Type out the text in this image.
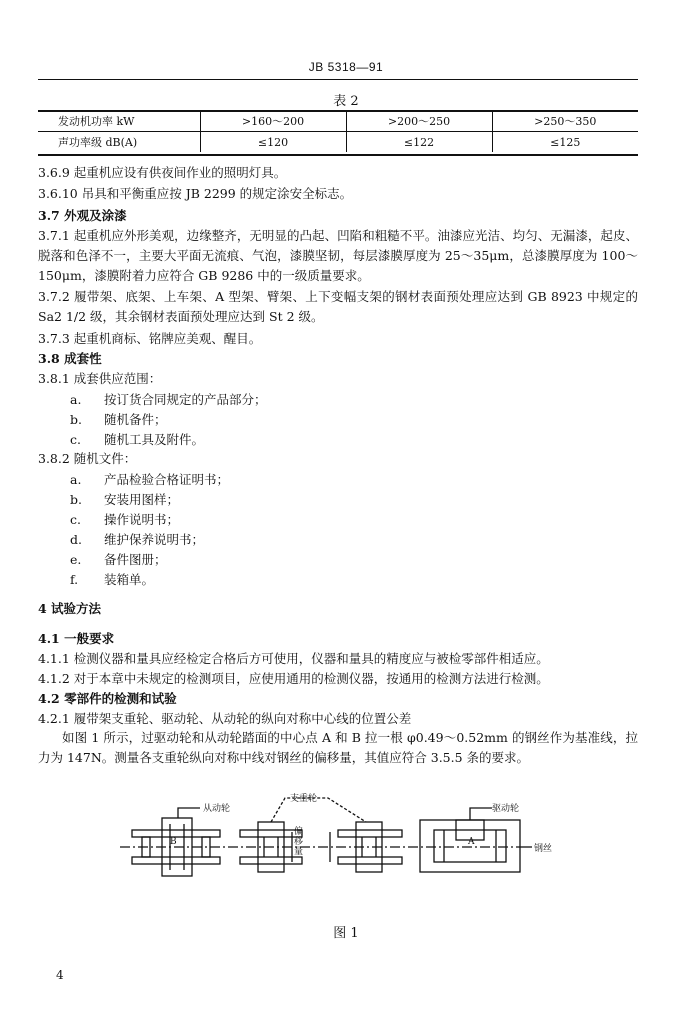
JB 5318—91
表 2
发动机功率 kW	>160～200	>200～250	>250～350
声功率级 dB(A)	≤120	≤122	≤125
3.6.9 起重机应设有供夜间作业的照明灯具。
3.6.10 吊具和平衡重应按 JB 2299 的规定涂安全标志。
3.7 外观及涂漆
3.7.1 起重机应外形美观，边缘整齐，无明显的凸起、凹陷和粗糙不平。油漆应光洁、均匀、无漏漆，起皮、脱落和色泽不一，主要大平面无流痕、气泡，漆膜坚韧，每层漆膜厚度为 25～35μm，总漆膜厚度为 100～150μm，漆膜附着力应符合 GB 9286 中的一级质量要求。
3.7.2 履带架、底架、上车架、A 型架、臂架、上下变幅支架的钢材表面预处理应达到 GB 8923 中规定的 Sa2 1/2 级，其余钢材表面预处理应达到 St 2 级。
3.7.3 起重机商标、铭牌应美观、醒目。
3.8 成套性
3.8.1 成套供应范围：
a. 按订货合同规定的产品部分；
b. 随机备件；
c. 随机工具及附件。
3.8.2 随机文件：
a. 产品检验合格证明书；
b. 安装用图样；
c. 操作说明书；
d. 维护保养说明书；
e. 备件图册；
f. 装箱单。
4 试验方法
4.1 一般要求
4.1.1 检测仪器和量具应经检定合格后方可使用，仪器和量具的精度应与被检零部件相适应。
4.1.2 对于本章中未规定的检测项目，应使用通用的检测仪器，按通用的检测方法进行检测。
4.2 零部件的检测和试验
4.2.1 履带架支重轮、驱动轮、从动轮的纵向对称中心线的位置公差
如图 1 所示，过驱动轮和从动轮踏面的中心点 A 和 B 拉一根 φ0.49～0.52mm 的钢丝作为基准线，拉力为 147N。测量各支重轮纵向对称中线对钢丝的偏移量，其值应符合 3.5.5 条的要求。
从动轮
支重轮
驱动轮
钢丝
B	A
偏移量
图 1
4
